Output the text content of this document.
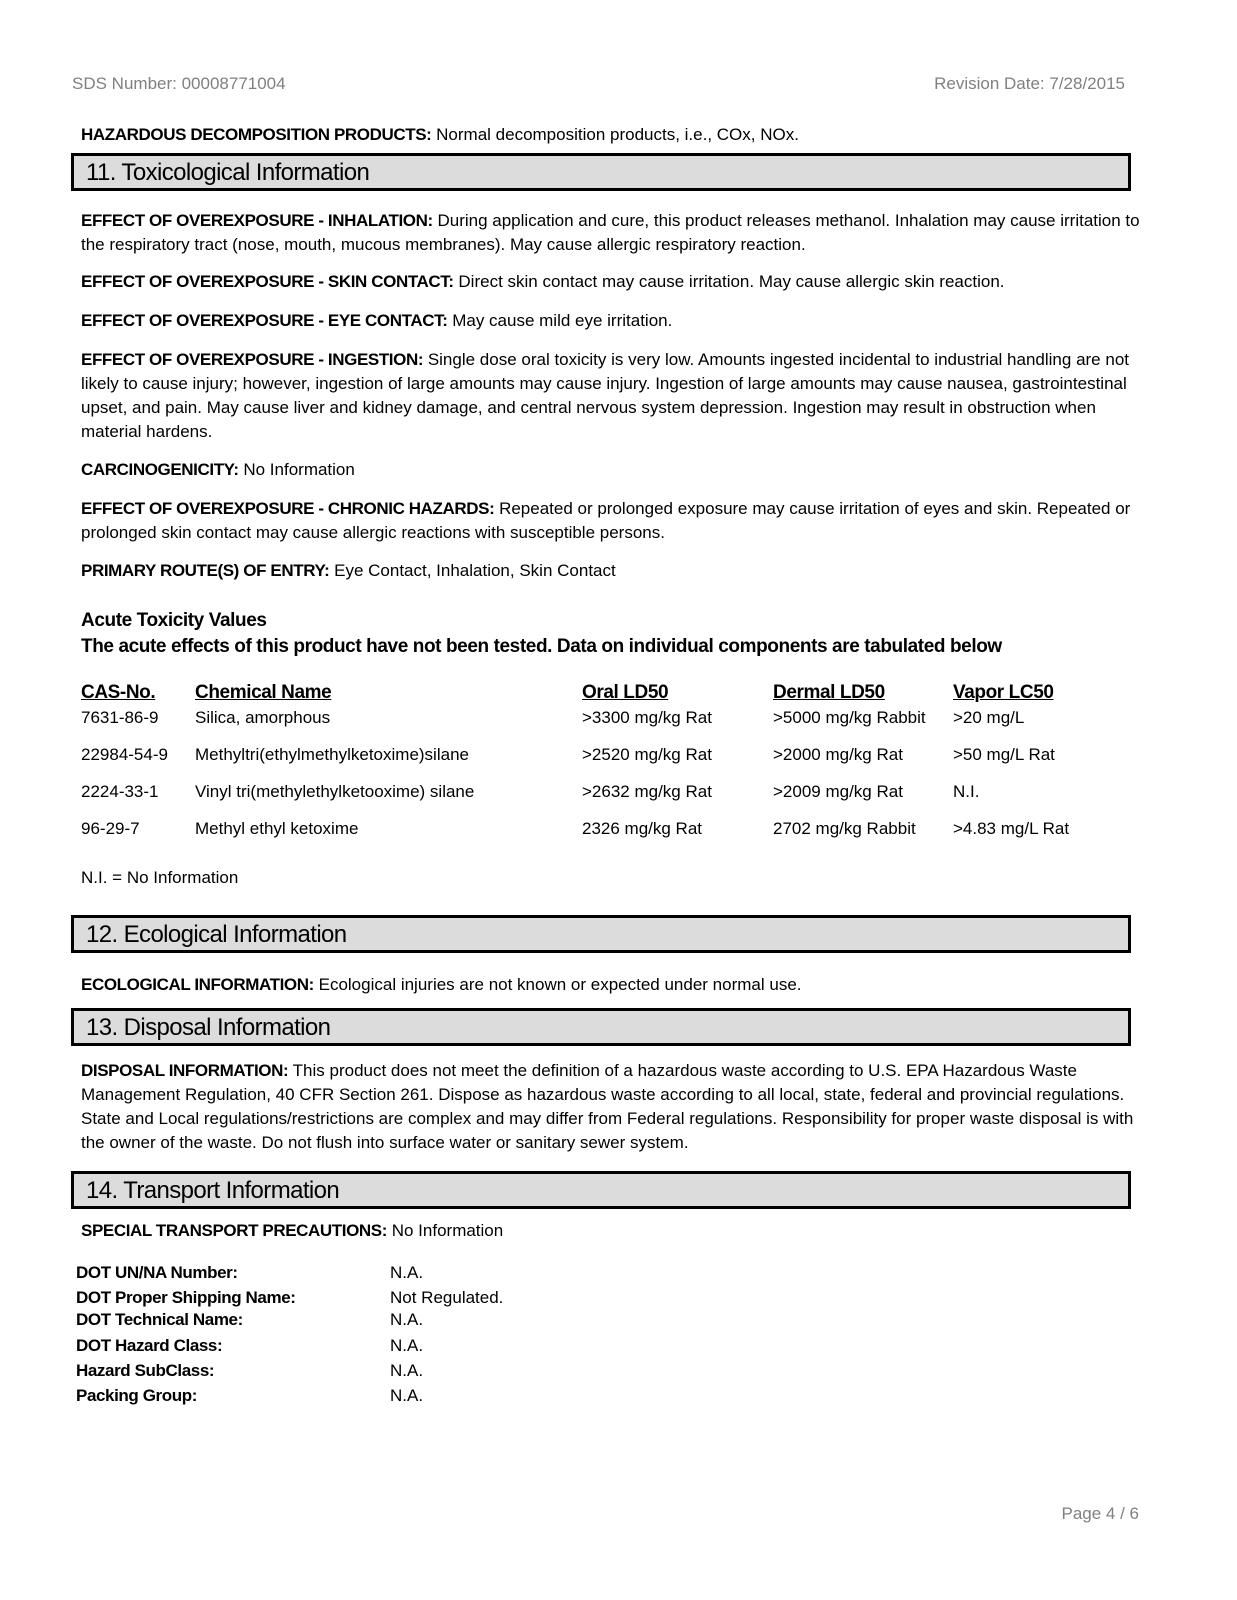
SDS Number: 00008771004	Revision Date: 7/28/2015

HAZARDOUS DECOMPOSITION PRODUCTS: Normal decomposition products, i.e., COx, NOx.

11. Toxicological Information

EFFECT OF OVEREXPOSURE - INHALATION: During application and cure, this product releases methanol. Inhalation may cause irritation to the respiratory tract (nose, mouth, mucous membranes). May cause allergic respiratory reaction.

EFFECT OF OVEREXPOSURE - SKIN CONTACT: Direct skin contact may cause irritation. May cause allergic skin reaction.

EFFECT OF OVEREXPOSURE - EYE CONTACT: May cause mild eye irritation.

EFFECT OF OVEREXPOSURE - INGESTION: Single dose oral toxicity is very low. Amounts ingested incidental to industrial handling are not likely to cause injury; however, ingestion of large amounts may cause injury. Ingestion of large amounts may cause nausea, gastrointestinal upset, and pain. May cause liver and kidney damage, and central nervous system depression. Ingestion may result in obstruction when material hardens.

CARCINOGENICITY: No Information

EFFECT OF OVEREXPOSURE - CHRONIC HAZARDS: Repeated or prolonged exposure may cause irritation of eyes and skin. Repeated or prolonged skin contact may cause allergic reactions with susceptible persons.

PRIMARY ROUTE(S) OF ENTRY: Eye Contact, Inhalation, Skin Contact

Acute Toxicity Values
The acute effects of this product have not been tested. Data on individual components are tabulated below
CAS-No. Chemical Name	Oral LD50	Dermal LD50	Vapor LC50
7631-86-9 Silica, amorphous	>3300 mg/kg Rat	>5000 mg/kg Rabbit >20 mg/L
22984-54-9 Methyltri(ethylmethylketoxime)silane	>2520 mg/kg Rat	>2000 mg/kg Rat	>50 mg/L Rat
2224-33-1 Vinyl tri(methylethylketooxime) silane	>2632 mg/kg Rat	>2009 mg/kg Rat	N.I.
96-29-7	Methyl ethyl ketoxime	2326 mg/kg Rat	2702 mg/kg Rabbit >4.83 mg/L Rat
N.I. = No Information
12. Ecological Information

ECOLOGICAL INFORMATION: Ecological injuries are not known or expected under normal use.

13. Disposal Information

DISPOSAL INFORMATION: This product does not meet the definition of a hazardous waste according to U.S. EPA Hazardous Waste Management Regulation, 40 CFR Section 261. Dispose as hazardous waste according to all local, state, federal and provincial regulations. State and Local regulations/restrictions are complex and may differ from Federal regulations. Responsibility for proper waste disposal is with the owner of the waste. Do not flush into surface water or sanitary sewer system.

14. Transport Information

SPECIAL TRANSPORT PRECAUTIONS: No Information

DOT UN/NA Number:	N.A.
DOT Proper Shipping Name:	Not Regulated.
DOT Technical Name:	N.A.
DOT Hazard Class:	N.A.
Hazard SubClass:	N.A.
Packing Group:	N.A.
Page 4 / 6
